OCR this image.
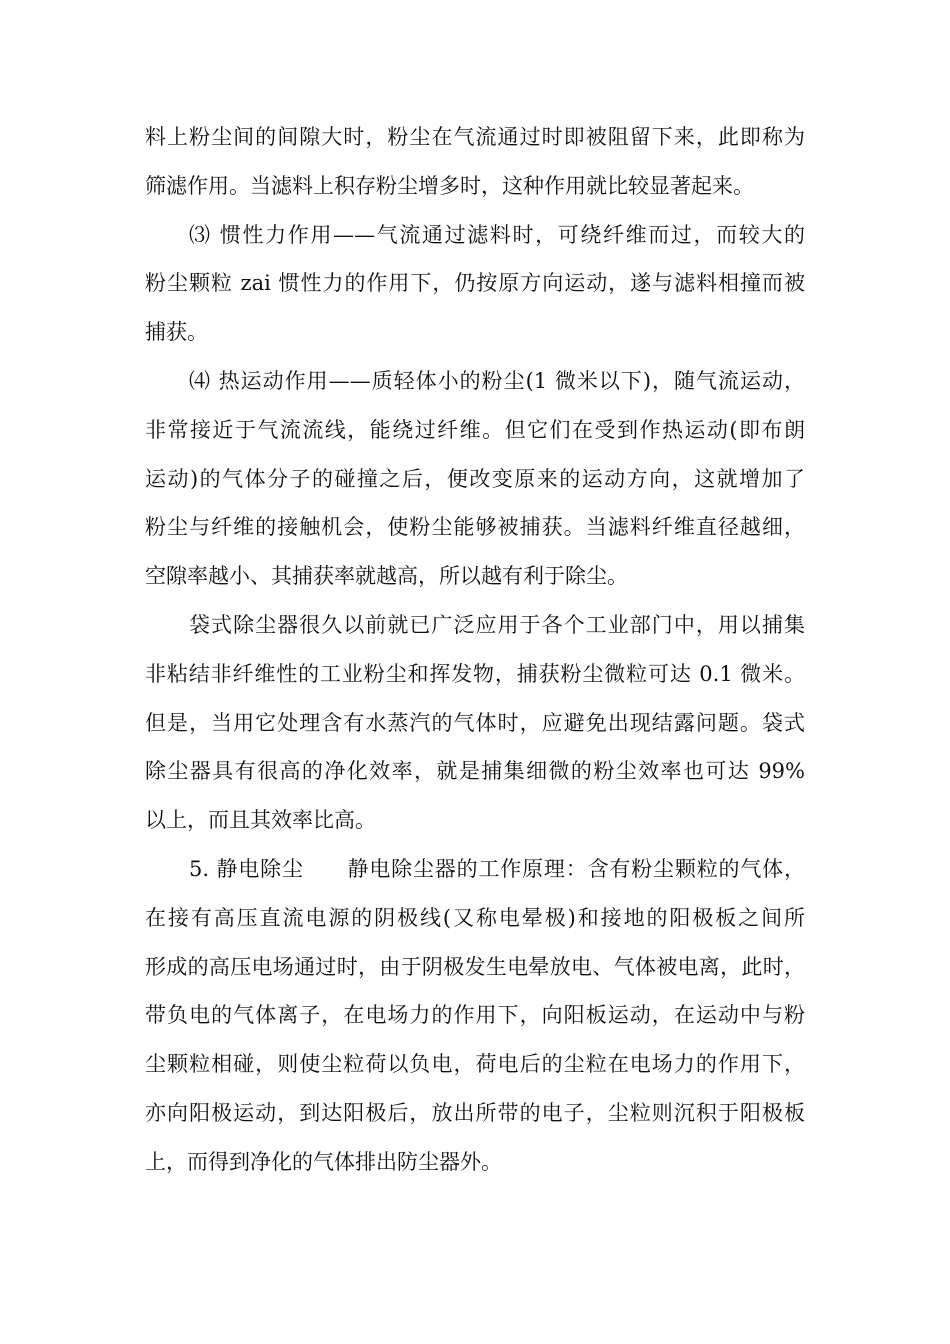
料上粉尘间的间隙大时，粉尘在气流通过时即被阻留下来，此即称为
筛滤作用。当滤料上积存粉尘增多时，这种作用就比较显著起来。
⑶ 惯性力作用——气流通过滤料时，可绕纤维而过，而较大的
粉尘颗粒 zai 惯性力的作用下，仍按原方向运动，遂与滤料相撞而被
捕获。
⑷ 热运动作用——质轻体小的粉尘(1 微米以下)，随气流运动，
非常接近于气流流线，能绕过纤维。但它们在受到作热运动(即布朗
运动)的气体分子的碰撞之后，便改变原来的运动方向，这就增加了
粉尘与纤维的接触机会，使粉尘能够被捕获。当滤料纤维直径越细，
空隙率越小、其捕获率就越高，所以越有利于除尘。
袋式除尘器很久以前就已广泛应用于各个工业部门中，用以捕集
非粘结非纤维性的工业粉尘和挥发物，捕获粉尘微粒可达 0.1 微米。
但是，当用它处理含有水蒸汽的气体时，应避免出现结露问题。袋式
除尘器具有很高的净化效率，就是捕集细微的粉尘效率也可达 99%
以上，而且其效率比高。
5. 静电除尘　　静电除尘器的工作原理：含有粉尘颗粒的气体，
在接有高压直流电源的阴极线(又称电晕极)和接地的阳极板之间所
形成的高压电场通过时，由于阴极发生电晕放电、气体被电离，此时，
带负电的气体离子，在电场力的作用下，向阳板运动，在运动中与粉
尘颗粒相碰，则使尘粒荷以负电，荷电后的尘粒在电场力的作用下，
亦向阳极运动，到达阳极后，放出所带的电子，尘粒则沉积于阳极板
上，而得到净化的气体排出防尘器外。
